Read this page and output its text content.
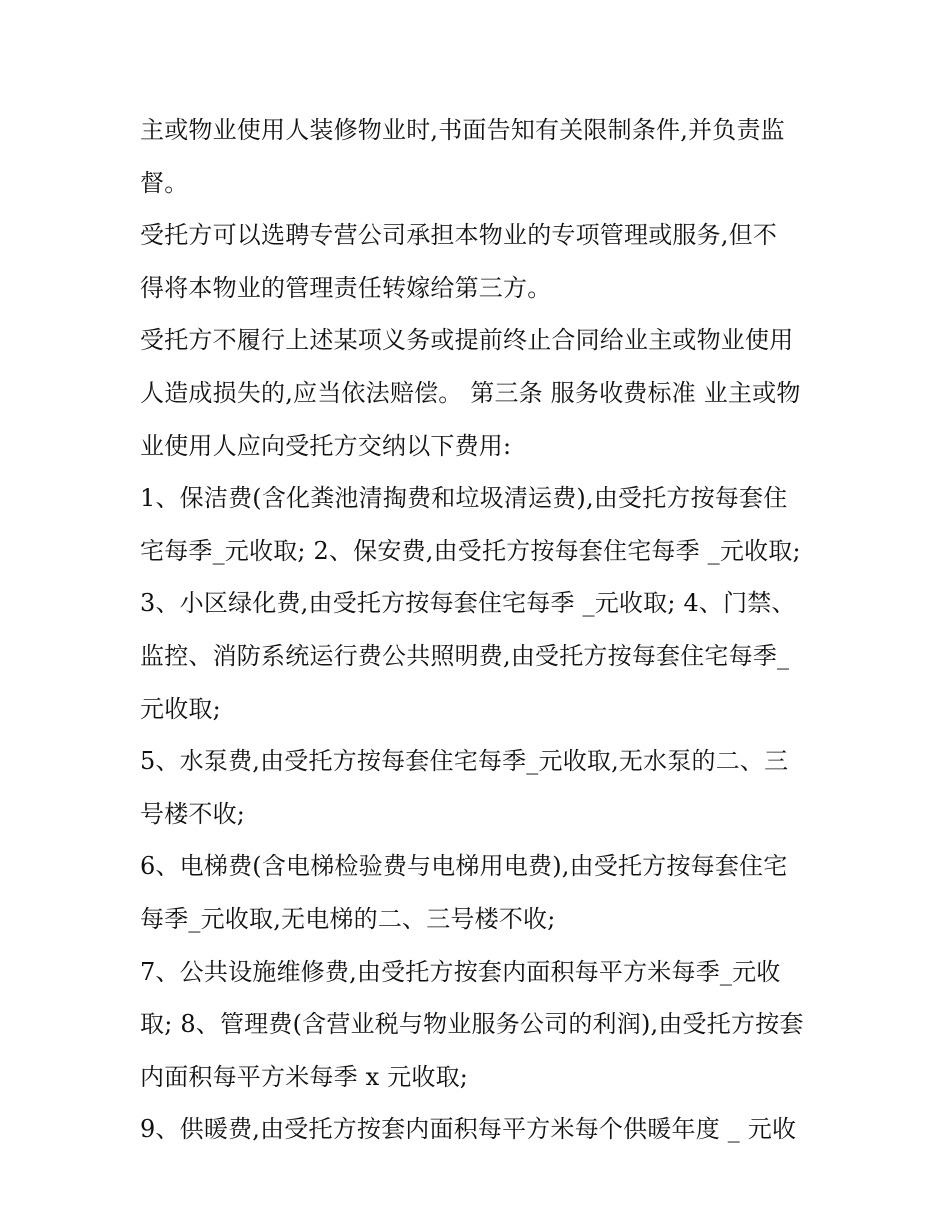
主或物业使用人装修物业时,书面告知有关限制条件,并负责监
督。
受托方可以选聘专营公司承担本物业的专项管理或服务,但不
得将本物业的管理责任转嫁给第三方。
受托方不履行上述某项义务或提前终止合同给业主或物业使用
人造成损失的,应当依法赔偿。 第三条 服务收费标准 业主或物
业使用人应向受托方交纳以下费用:
1、保洁费(含化粪池清掏费和垃圾清运费),由受托方按每套住
宅每季_元收取; 2、保安费,由受托方按每套住宅每季 _元收取;
3、小区绿化费,由受托方按每套住宅每季 _元收取; 4、门禁、
监控、消防系统运行费公共照明费,由受托方按每套住宅每季_
元收取;
5、水泵费,由受托方按每套住宅每季_元收取,无水泵的二、三
号楼不收;
6、电梯费(含电梯检验费与电梯用电费),由受托方按每套住宅
每季_元收取,无电梯的二、三号楼不收;
7、公共设施维修费,由受托方按套内面积每平方米每季_元收
取; 8、管理费(含营业税与物业服务公司的利润),由受托方按套
内面积每平方米每季 x 元收取;
9、供暖费,由受托方按套内面积每平方米每个供暖年度 _ 元收
